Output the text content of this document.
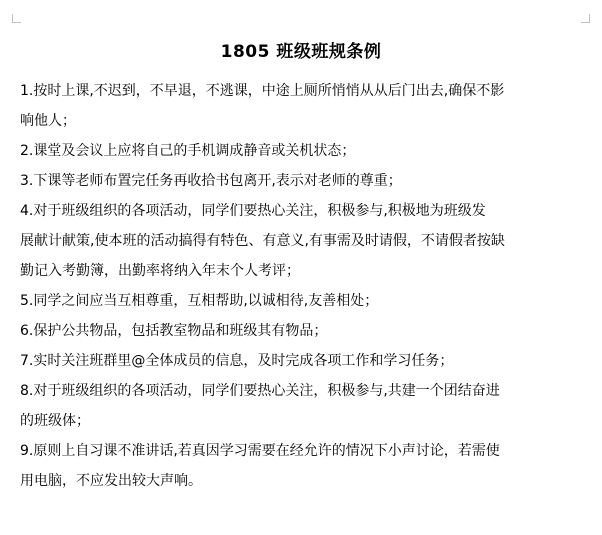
1805 班级班规条例
1.按时上课,不迟到，不早退，不逃课，中途上厕所悄悄从从后门出去,确保不影
响他人；
2.课堂及会议上应将自己的手机调成静音或关机状态；
3.下课等老师布置完任务再收拾书包离开,表示对老师的尊重；
4.对于班级组织的各项活动，同学们要热心关注，积极参与,积极地为班级发
展献计献策,使本班的活动搞得有特色、有意义,有事需及时请假，不请假者按缺
勤记入考勤簿，出勤率将纳入年末个人考评；
5.同学之间应当互相尊重，互相帮助,以诚相待,友善相处；
6.保护公共物品，包括教室物品和班级其有物品；
7.实时关注班群里@全体成员的信息，及时完成各项工作和学习任务；
8.对于班级组织的各项活动，同学们要热心关注，积极参与,共建一个团结奋进
的班级体；
9.原则上自习课不准讲话,若真因学习需要在经允许的情况下小声讨论，若需使
用电脑，不应发出较大声响。
